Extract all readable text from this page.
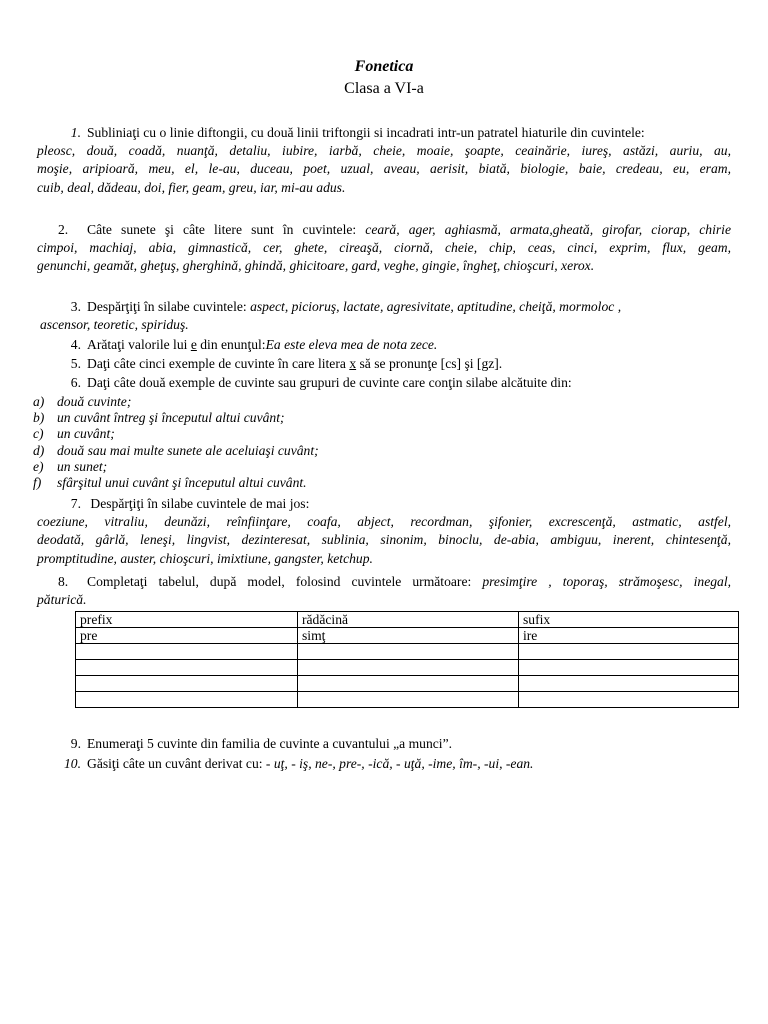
Fonetica
Clasa a VI-a
1. Subliniaţi cu o linie diftongii, cu două linii triftongii si incadrati intr-un patratel hiaturile din cuvintele:
pleosc, două, coadă, nuanţă, detaliu, iubire, iarbă, cheie, moaie, şoapte, ceainărie, iureş, astăzi, auriu, au,
moşie, aripioară, meu, el, le-au, duceau, poet, uzual, aveau, aerisit, biată, biologie, baie, credeau, eu, eram,
cuib, deal, dădeau, doi, fier, geam, greu, iar, mi-au adus.
2. Câte sunete şi câte litere sunt în cuvintele: ceară, ager, aghiasmă, armata,gheată, girofar, ciorap, chirie
cimpoi, machiaj, abia, gimnastică, cer, ghete, cireaşă, ciornă, cheie, chip, ceas, cinci, exprim, flux, geam,
genunchi, geamăt, gheţuş, gherghină, ghindă, ghicitoare, gard, veghe, gingie, îngheţ, chioşcuri, xerox.
3. Despărţiţi în silabe cuvintele: aspect, picioruş, lactate, agresivitate, aptitudine, cheiţă, mormoloc ,
ascensor, teoretic, spiriduş.
4. Arătaţi valorile lui e din enunţul:Ea este eleva mea de nota zece.
5. Daţi câte cinci exemple de cuvinte în care litera x să se pronunţe [cs] şi [gz].
6. Daţi câte două exemple de cuvinte sau grupuri de cuvinte care conţin silabe alcătuite din:
a) două cuvinte;
b) un cuvânt întreg şi începutul altui cuvânt;
c) un cuvânt;
d) două sau mai multe sunete ale aceluiaşi cuvânt;
e) un sunet;
f) sfârşitul unui cuvânt şi începutul altui cuvânt.
7. Despărţiţi în silabe cuvintele de mai jos:
coeziune, vitraliu, deunăzi, reînfiinţare, coafa, abject, recordman, şifonier, excrescenţă, astmatic, astfel,
deodată, gârlă, leneşi, lingvist, dezinteresat, sublinia, sinonim, binoclu, de-abia, ambiguu, inerent, chintesenţă,
promptitudine, auster, chioşcuri, imixtiune, gangster, ketchup.
8. Completaţi tabelul, după model, folosind cuvintele următoare: presimţire , toporaş, strămoşesc, inegal,
păturică.
prefix	rădăcină	sufix
pre	simţ	ire

9. Enumeraţi 5 cuvinte din familia de cuvinte a cuvantului „a munci”.
10. Găsiţi câte un cuvânt derivat cu: - uţ, - iş, ne-, pre-, -ică, - uţă, -ime, îm-, -ui, -ean.
